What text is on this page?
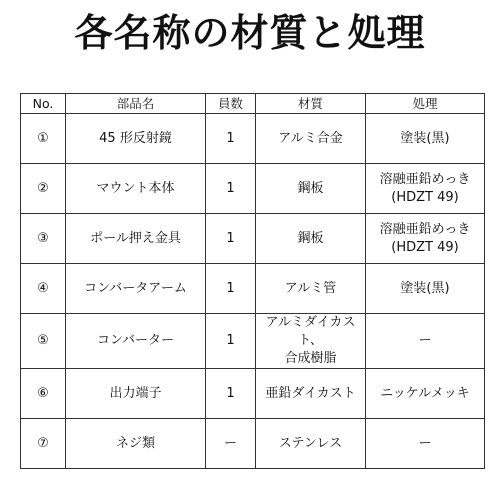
各名称の材質と処理
No.	部品名	員数	材質	処理
①	45 形反射鏡	1	アルミ合金	塗装(黒)

②	マウント本体	1	鋼板	溶融亜鉛めっき
(HDZT 49)

③	ポール押え金具	1	鋼板	溶融亜鉛めっき
(HDZT 49)

④	コンバータアーム	1	アルミ管	塗装(黒)

⑤	コンバーター	1	アルミダイカスト、
合成樹脂	ー

⑥	出力端子	1	亜鉛ダイカスト	ニッケルメッキ

⑦	ネジ類	ー	ステンレス	ー
